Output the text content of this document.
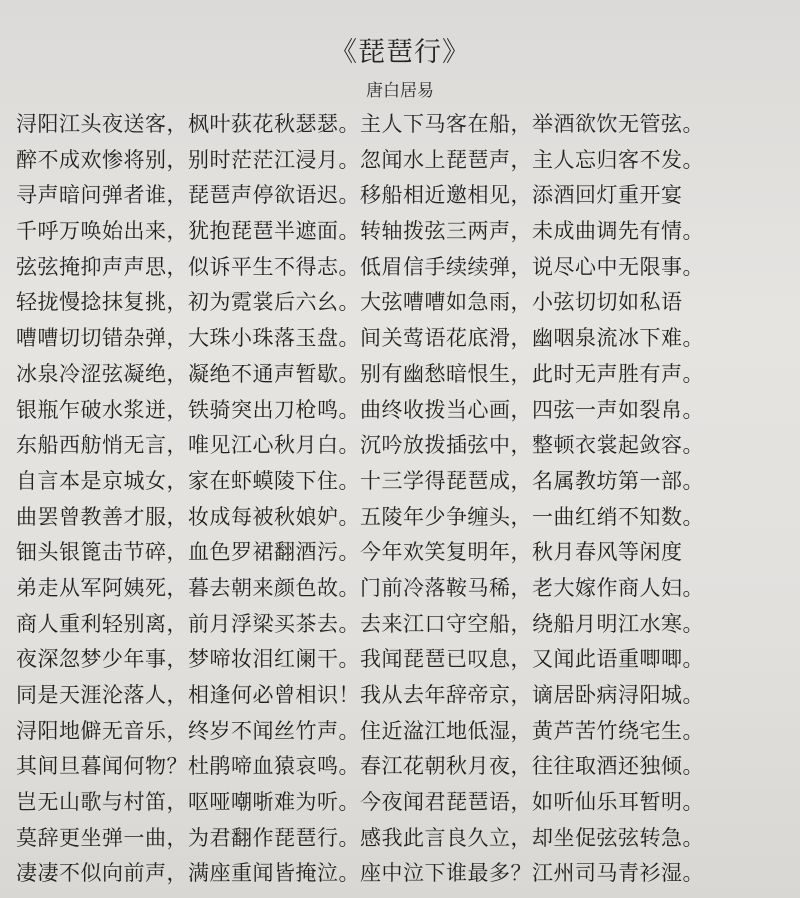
《琵琶行》
唐白居易
浔阳江头夜送客，枫叶荻花秋瑟瑟。主人下马客在船，举酒欲饮无管弦。
醉不成欢惨将别，别时茫茫江浸月。忽闻水上琵琶声，主人忘归客不发。
寻声暗问弹者谁，琵琶声停欲语迟。移船相近邀相见，添酒回灯重开宴
千呼万唤始出来，犹抱琵琶半遮面。转轴拨弦三两声，未成曲调先有情。
弦弦掩抑声声思，似诉平生不得志。低眉信手续续弹，说尽心中无限事。
轻拢慢捻抹复挑，初为霓裳后六幺。大弦嘈嘈如急雨，小弦切切如私语
嘈嘈切切错杂弹，大珠小珠落玉盘。间关莺语花底滑，幽咽泉流冰下难。
冰泉冷涩弦凝绝，凝绝不通声暂歇。别有幽愁暗恨生，此时无声胜有声。
银瓶乍破水浆迸，铁骑突出刀枪鸣。曲终收拨当心画，四弦一声如裂帛。
东船西舫悄无言，唯见江心秋月白。沉吟放拨插弦中，整顿衣裳起敛容。
自言本是京城女，家在虾蟆陵下住。十三学得琵琶成，名属教坊第一部。
曲罢曾教善才服，妆成每被秋娘妒。五陵年少争缠头，一曲红绡不知数。
钿头银篦击节碎，血色罗裙翻酒污。今年欢笑复明年，秋月春风等闲度
弟走从军阿姨死，暮去朝来颜色故。门前冷落鞍马稀，老大嫁作商人妇。
商人重利轻别离，前月浮梁买茶去。去来江口守空船，绕船月明江水寒。
夜深忽梦少年事，梦啼妆泪红阑干。我闻琵琶已叹息，又闻此语重唧唧。
同是天涯沦落人，相逢何必曾相识！我从去年辞帝京，谪居卧病浔阳城。
浔阳地僻无音乐，终岁不闻丝竹声。住近湓江地低湿，黄芦苦竹绕宅生。
其间旦暮闻何物？杜鹃啼血猿哀鸣。春江花朝秋月夜，往往取酒还独倾。
岂无山歌与村笛，呕哑嘲哳难为听。今夜闻君琵琶语，如听仙乐耳暂明。
莫辞更坐弹一曲，为君翻作琵琶行。感我此言良久立，却坐促弦弦转急。
凄凄不似向前声，满座重闻皆掩泣。座中泣下谁最多？江州司马青衫湿。
